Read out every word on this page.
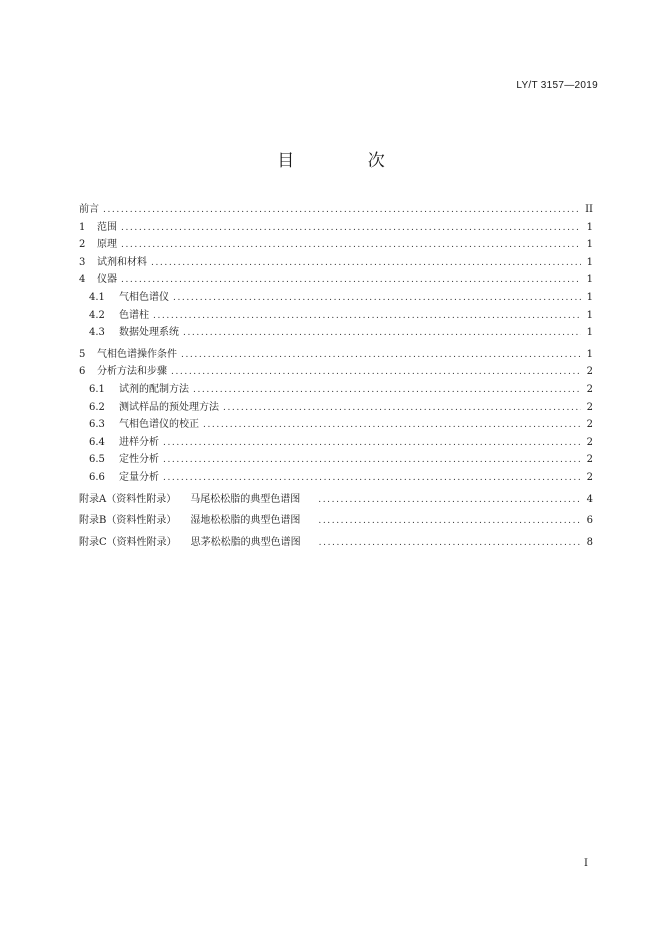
LY/T 3157—2019
目 次
前言 .....	II
1	范围 .....	1
2	原理 .....	1
3	试剂和材料 .....	1
4	仪器 .....	1
4.1	气相色谱仪 .....	1
4.2	色谱柱 .....	1
4.3	数据处理系统 .....	1
5	气相色谱操作条件 .....	1
6	分析方法和步骤 .....	2
6.1	试剂的配制方法 .....	2
6.2	测试样品的预处理方法 .....	2
6.3	气相色谱仪的校正 .....	2
6.4	进样分析 .....	2
6.5	定性分析 .....	2
6.6	定量分析 .....	2
附录A（资料性附录） 马尾松松脂的典型色谱图 .....	4
附录B（资料性附录） 湿地松松脂的典型色谱图 .....	6
附录C（资料性附录） 思茅松松脂的典型色谱图 .....	8
I
